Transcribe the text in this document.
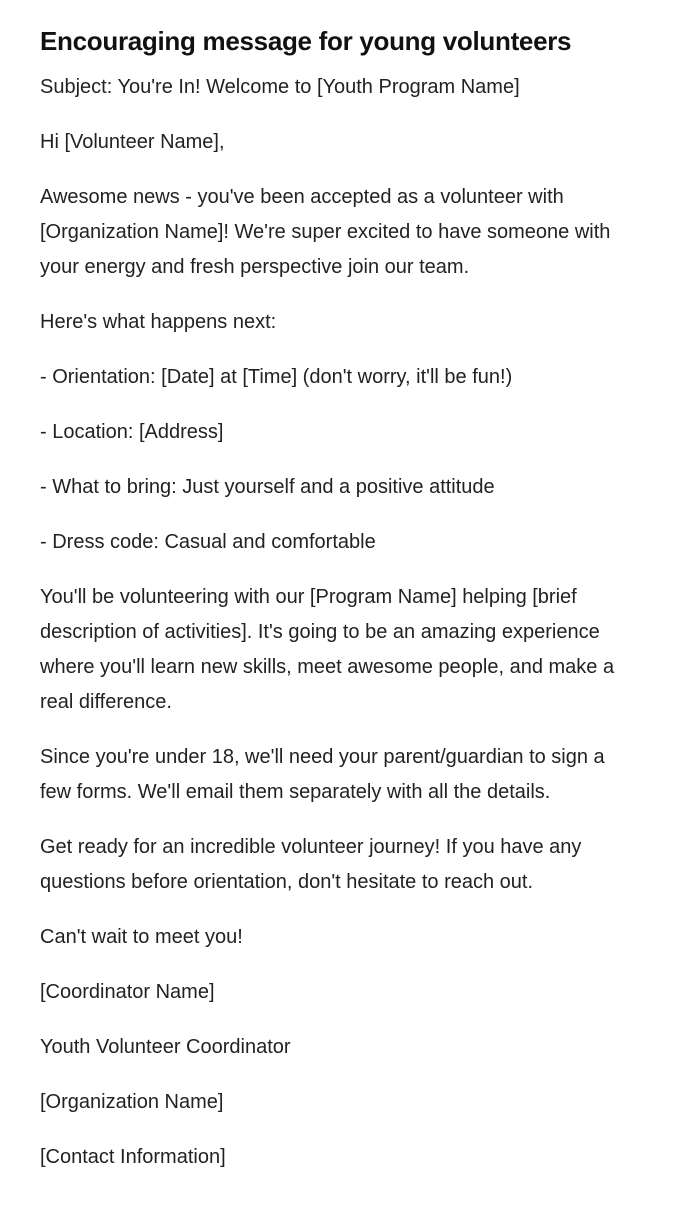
Encouraging message for young volunteers

Subject: You're In! Welcome to [Youth Program Name]

Hi [Volunteer Name],

Awesome news - you've been accepted as a volunteer with [Organization Name]! We're super excited to have someone with your energy and fresh perspective join our team.

Here's what happens next:

- Orientation: [Date] at [Time] (don't worry, it'll be fun!)

- Location: [Address]

- What to bring: Just yourself and a positive attitude

- Dress code: Casual and comfortable

You'll be volunteering with our [Program Name] helping [brief description of activities]. It's going to be an amazing experience where you'll learn new skills, meet awesome people, and make a real difference.

Since you're under 18, we'll need your parent/guardian to sign a few forms. We'll email them separately with all the details.

Get ready for an incredible volunteer journey! If you have any questions before orientation, don't hesitate to reach out.

Can't wait to meet you!

[Coordinator Name]

Youth Volunteer Coordinator

[Organization Name]

[Contact Information]
